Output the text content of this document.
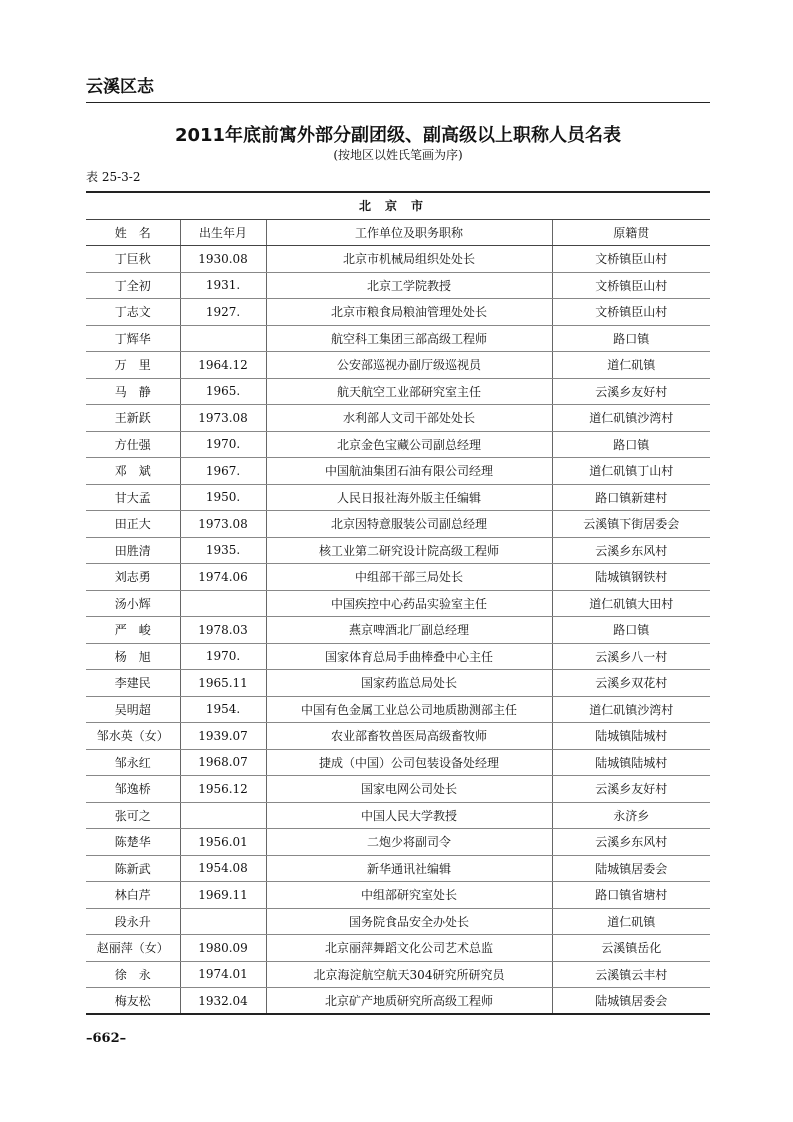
云溪区志
2011年底前寓外部分副团级、副高级以上职称人员名表
(按地区以姓氏笔画为序)
表 25-3-2
北京市			
姓　名	出生年月	工作单位及职务职称	原籍贯
丁巨秋	1930.08	北京市机械局组织处处长	文桥镇臣山村
丁全初	1931.	北京工学院教授	文桥镇臣山村
丁志文	1927.	北京市粮食局粮油管理处处长	文桥镇臣山村
丁辉华		航空科工集团三部高级工程师	路口镇
万　里	1964.12	公安部巡视办副厅级巡视员	道仁矶镇
马　静	1965.	航天航空工业部研究室主任	云溪乡友好村
王新跃	1973.08	水利部人文司干部处处长	道仁矶镇沙湾村
方仕强	1970.	北京金色宝藏公司副总经理	路口镇
邓　斌	1967.	中国航油集团石油有限公司经理	道仁矶镇丁山村
甘大孟	1950.	人民日报社海外版主任编辑	路口镇新建村
田正大	1973.08	北京因特意服装公司副总经理	云溪镇下街居委会
田胜清	1935.	核工业第二研究设计院高级工程师	云溪乡东风村
刘志勇	1974.06	中组部干部三局处长	陆城镇钢铁村
汤小辉		中国疾控中心药品实验室主任	道仁矶镇大田村
严　峻	1978.03	燕京啤酒北厂副总经理	路口镇
杨　旭	1970.	国家体育总局手曲棒叠中心主任	云溪乡八一村
李建民	1965.11	国家药监总局处长	云溪乡双花村
吴明超	1954.	中国有色金属工业总公司地质勘测部主任	道仁矶镇沙湾村
邹水英（女）	1939.07	农业部畜牧兽医局高级畜牧师	陆城镇陆城村
邹永红	1968.07	捷成（中国）公司包装设备处经理	陆城镇陆城村
邹逸桥	1956.12	国家电网公司处长	云溪乡友好村
张可之		中国人民大学教授	永济乡
陈楚华	1956.01	二炮少将副司令	云溪乡东风村
陈新武	1954.08	新华通讯社编辑	陆城镇居委会
林白芹	1969.11	中组部研究室处长	路口镇省塘村
段永升		国务院食品安全办处长	道仁矶镇
赵丽萍（女）	1980.09	北京丽萍舞蹈文化公司艺术总监	云溪镇岳化
徐　永	1974.01	北京海淀航空航天304研究所研究员	云溪镇云丰村
梅友松	1932.04	北京矿产地质研究所高级工程师	陆城镇居委会
–662–
